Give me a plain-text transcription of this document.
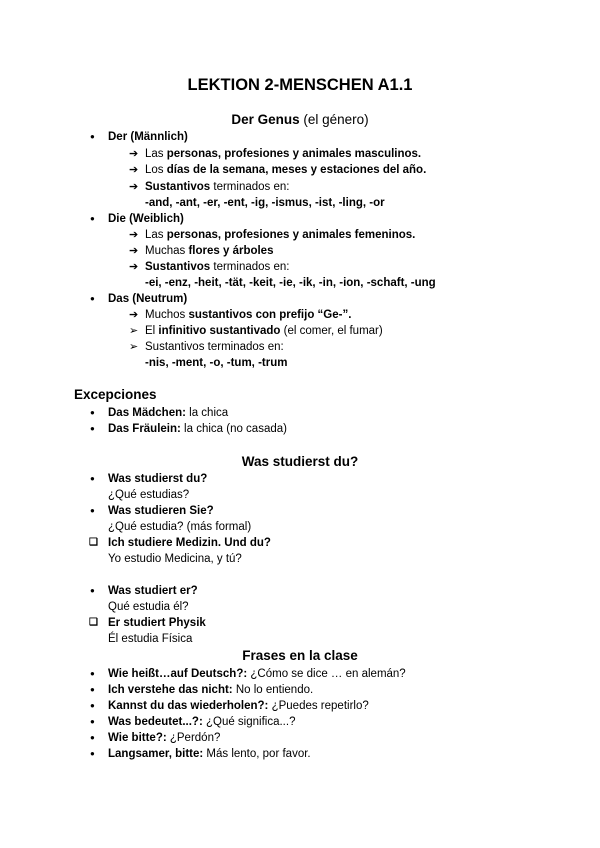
LEKTION 2-MENSCHEN A1.1
Der Genus (el género)
● Der (Männlich)
➔ Las personas, profesiones y animales masculinos.
➔ Los días de la semana, meses y estaciones del año.
➔ Sustantivos terminados en:
-and, -ant, -er, -ent, -ig, -ismus, -ist, -ling, -or
● Die (Weiblich)
➔ Las personas, profesiones y animales femeninos.
➔ Muchas flores y árboles
➔ Sustantivos terminados en:
-ei, -enz, -heit, -tät, -keit, -ie, -ik, -in, -ion, -schaft, -ung
● Das (Neutrum)
➔ Muchos sustantivos con prefijo “Ge-”.
➢ El infinitivo sustantivado (el comer, el fumar)
➢ Sustantivos terminados en:
-nis, -ment, -o, -tum, -trum
Excepciones
● Das Mädchen: la chica
● Das Fräulein: la chica (no casada)
Was studierst du?
● Was studierst du?
¿Qué estudias?
● Was studieren Sie?
¿Qué estudia? (más formal)
❏ Ich studiere Medizin. Und du?
Yo estudio Medicina, y tú?
● Was studiert er?
Qué estudia él?
❏ Er studiert Physik
Él estudia Física
Frases en la clase
● Wie heißt…auf Deutsch?: ¿Cómo se dice … en alemán?
● Ich verstehe das nicht: No lo entiendo.
● Kannst du das wiederholen?: ¿Puedes repetirlo?
● Was bedeutet...?: ¿Qué significa...?
● Wie bitte?: ¿Perdón?
● Langsamer, bitte: Más lento, por favor.
